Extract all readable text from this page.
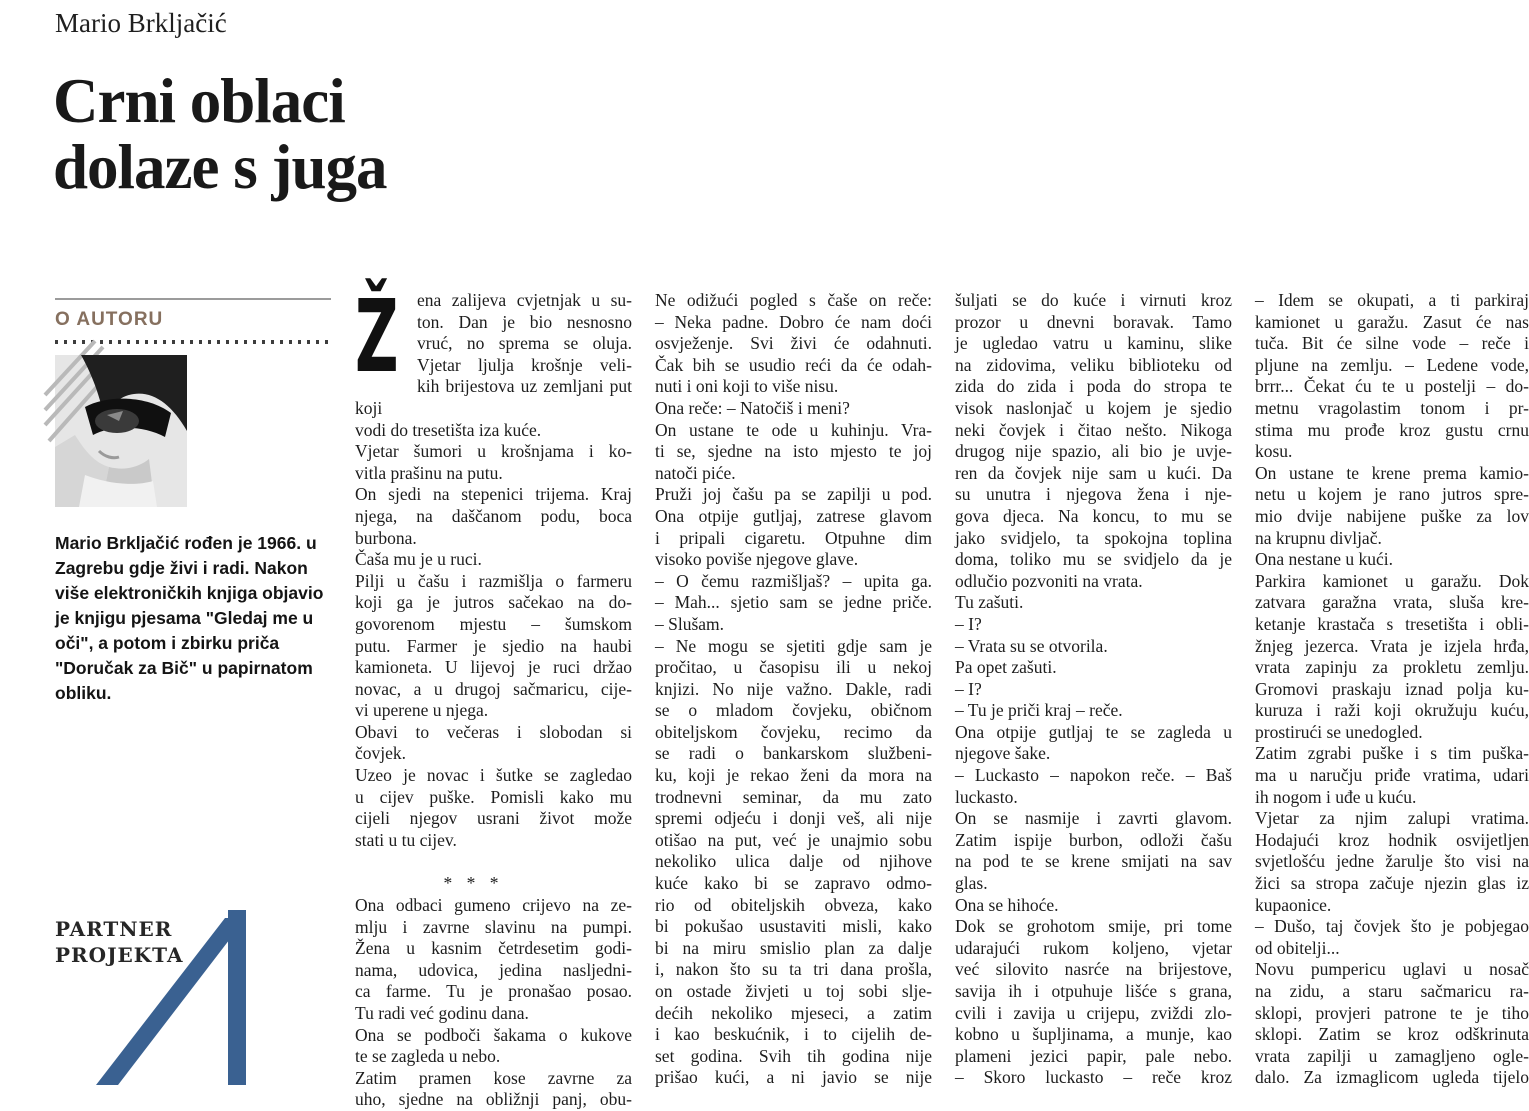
Mario Brkljačić
Crni oblaci
dolaze s juga
O AUTORU

Mario Brkljačić rođen je 1966. u Zagrebu gdje živi i radi. Nakon više elektroničkih knjiga objavio je knjigu pjesama "Gledaj me u oči", a potom i zbirku priča "Doručak za Bič" u papirnatom obliku.

PARTNER
PROJEKTA
Ž	ena zalijeva cvjetnjak u su-
ton. Dan je bio nesnosno
vruć, no sprema se oluja.
Vjetar ljulja krošnje veli-
kih brijestova uz zemljani put koji
vodi do tresetišta iza kuće.
Vjetar šumori u krošnjama i ko-
vitla prašinu na putu.
On sjedi na stepenici trijema. Kraj
njega, na daščanom podu, boca
burbona.
Čaša mu je u ruci.
Pilji u čašu i razmišlja o farmeru
koji ga je jutros sačekao na do-
govorenom mjestu – šumskom
putu. Farmer je sjedio na haubi
kamioneta. U lijevoj je ruci držao
novac, a u drugoj sačmaricu, cije-
vi uperene u njega.
Obavi to večeras i slobodan si
čovjek.
Uzeo je novac i šutke se zagledao
u cijev puške. Pomisli kako mu
cijeli njegov usrani život može
stati u tu cijev.
* * *
Ona odbaci gumeno crijevo na ze-
mlju i zavrne slavinu na pumpi.
Žena u kasnim četrdesetim godi-
nama, udovica, jedina nasljedni-
ca farme. Tu je pronašao posao.
Tu radi već godinu dana.
Ona se podboči šakama o kukove
te se zagleda u nebo.
Zatim pramen kose zavrne za
uho, sjedne na obližnji panj, obu-
Ne odižući pogled s čaše on reče:
– Neka padne. Dobro će nam doći
osvježenje. Svi živi će odahnuti.
Čak bih se usudio reći da će odah-
nuti i oni koji to više nisu.
Ona reče: – Natočiš i meni?
On ustane te ode u kuhinju. Vra-
ti se, sjedne na isto mjesto te joj
natoči piće.
Pruži joj čašu pa se zapilji u pod.
Ona otpije gutljaj, zatrese glavom
i pripali cigaretu. Otpuhne dim
visoko poviše njegove glave.
– O čemu razmišljaš? – upita ga.
– Mah... sjetio sam se jedne priče.
– Slušam.
– Ne mogu se sjetiti gdje sam je
pročitao, u časopisu ili u nekoj
knjizi. No nije važno. Dakle, radi
se o mladom čovjeku, običnom
obiteljskom čovjeku, recimo da
se radi o bankarskom službeni-
ku, koji je rekao ženi da mora na
trodnevni seminar, da mu zato
spremi odjeću i donji veš, ali nije
otišao na put, već je unajmio sobu
nekoliko ulica dalje od njihove
kuće kako bi se zapravo odmo-
rio od obiteljskih obveza, kako
bi pokušao usustaviti misli, kako
bi na miru smislio plan za dalje
i, nakon što su ta tri dana prošla,
on ostade živjeti u toj sobi slje-
dećih nekoliko mjeseci, a zatim
i kao beskućnik, i to cijelih de-
set godina. Svih tih godina nije
prišao kući, a ni javio se nije
šuljati se do kuće i virnuti kroz
prozor u dnevni boravak. Tamo
je ugledao vatru u kaminu, slike
na zidovima, veliku biblioteku od
zida do zida i poda do stropa te
visok naslonjač u kojem je sjedio
neki čovjek i čitao nešto. Nikoga
drugog nije spazio, ali bio je uvje-
ren da čovjek nije sam u kući. Da
su unutra i njegova žena i nje-
gova djeca. Na koncu, to mu se
jako svidjelo, ta spokojna toplina
doma, toliko mu se svidjelo da je
odlučio pozvoniti na vrata.
Tu zašuti.
– I?
– Vrata su se otvorila.
Pa opet zašuti.
– I?
– Tu je priči kraj – reče.
Ona otpije gutljaj te se zagleda u
njegove šake.
– Luckasto – napokon reče. – Baš
luckasto.
On se nasmije i zavrti glavom.
Zatim ispije burbon, odloži čašu
na pod te se krene smijati na sav
glas.
Ona se hihoće.
Dok se grohotom smije, pri tome
udarajući rukom koljeno, vjetar
već silovito nasrće na brijestove,
savija ih i otpuhuje lišće s grana,
cvili i zavija u crijepu, zviždi zlo-
kobno u šupljinama, a munje, kao
plameni jezici papir, pale nebo.
– Skoro luckasto – reče kroz
– Idem se okupati, a ti parkiraj
kamionet u garažu. Zasut će nas
tuča. Bit će silne vode – reče i
pljune na zemlju. – Ledene vode,
brrr... Čekat ću te u postelji – do-
metnu vragolastim tonom i pr-
stima mu prođe kroz gustu crnu
kosu.
On ustane te krene prema kamio-
netu u kojem je rano jutros spre-
mio dvije nabijene puške za lov
na krupnu divljač.
Ona nestane u kući.
Parkira kamionet u garažu. Dok
zatvara garažna vrata, sluša kre-
ketanje krastača s tresetišta i obli-
žnjeg jezerca. Vrata je izjela hrđa,
vrata zapinju za prokletu zemlju.
Gromovi praskaju iznad polja ku-
kuruza i raži koji okružuju kuću,
prostirući se unedogled.
Zatim zgrabi puške i s tim puška-
ma u naručju priđe vratima, udari
ih nogom i uđe u kuću.
Vjetar za njim zalupi vratima.
Hodajući kroz hodnik osvijetljen
svjetlošću jedne žarulje što visi na
žici sa stropa začuje njezin glas iz
kupaonice.
– Dušo, taj čovjek što je pobjegao
od obitelji...
Novu pumpericu uglavi u nosač
na zidu, a staru sačmaricu ra-
sklopi, provjeri patrone te je tiho
sklopi. Zatim se kroz odškrinuta
vrata zapilji u zamagljeno ogle-
dalo. Za izmaglicom ugleda tijelo
